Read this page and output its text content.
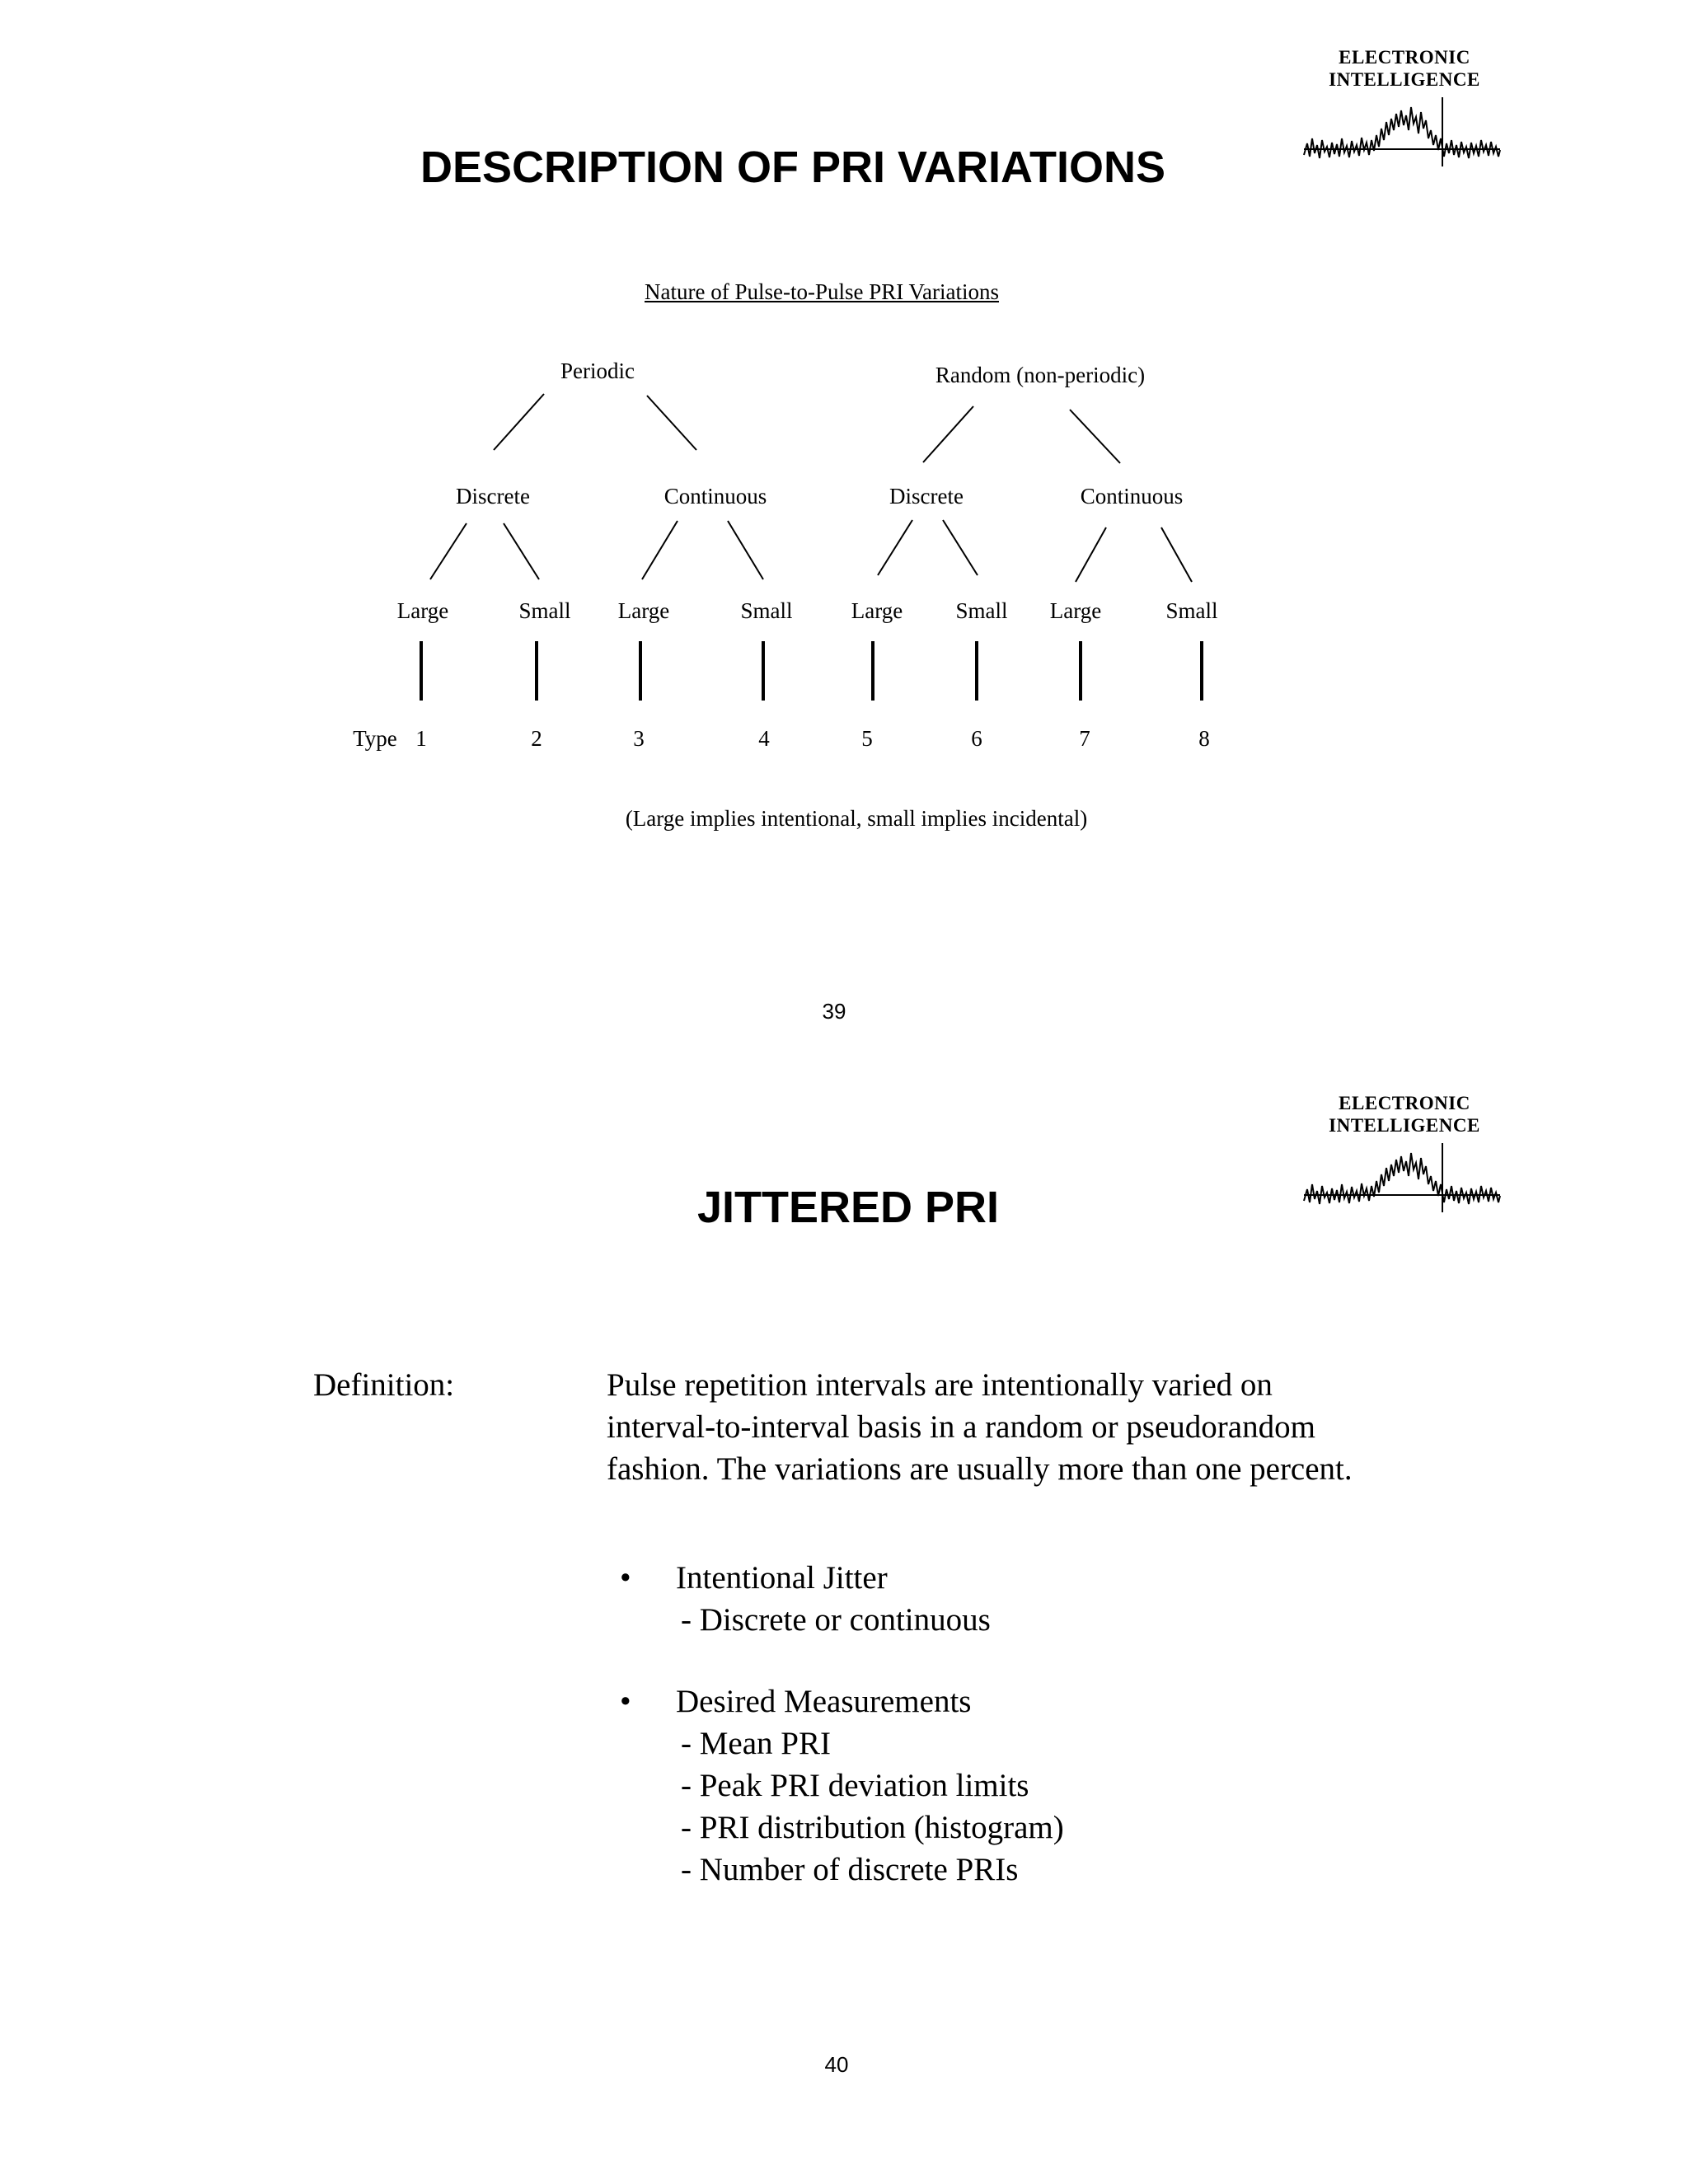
ELECTRONIC
INTELLIGENCE
DESCRIPTION OF PRI VARIATIONS
Nature of Pulse-to-Pulse PRI Variations
Periodic	Random (non-periodic)
Discrete	Continuous	Discrete	Continuous
Large	Small Large	Small	Large Small Large	Small
Type 1	2	3	4	5	6	7	8
(Large implies intentional, small implies incidental)
39
ELECTRONIC
INTELLIGENCE
JITTERED PRI
Definition:	Pulse repetition intervals are intentionally varied on
interval-to-interval basis in a random or pseudorandom
fashion. The variations are usually more than one percent.
• Intentional Jitter
- Discrete or continuous
• Desired Measurements
- Mean PRI
- Peak PRI deviation limits
- PRI distribution (histogram)
- Number of discrete PRIs
40
